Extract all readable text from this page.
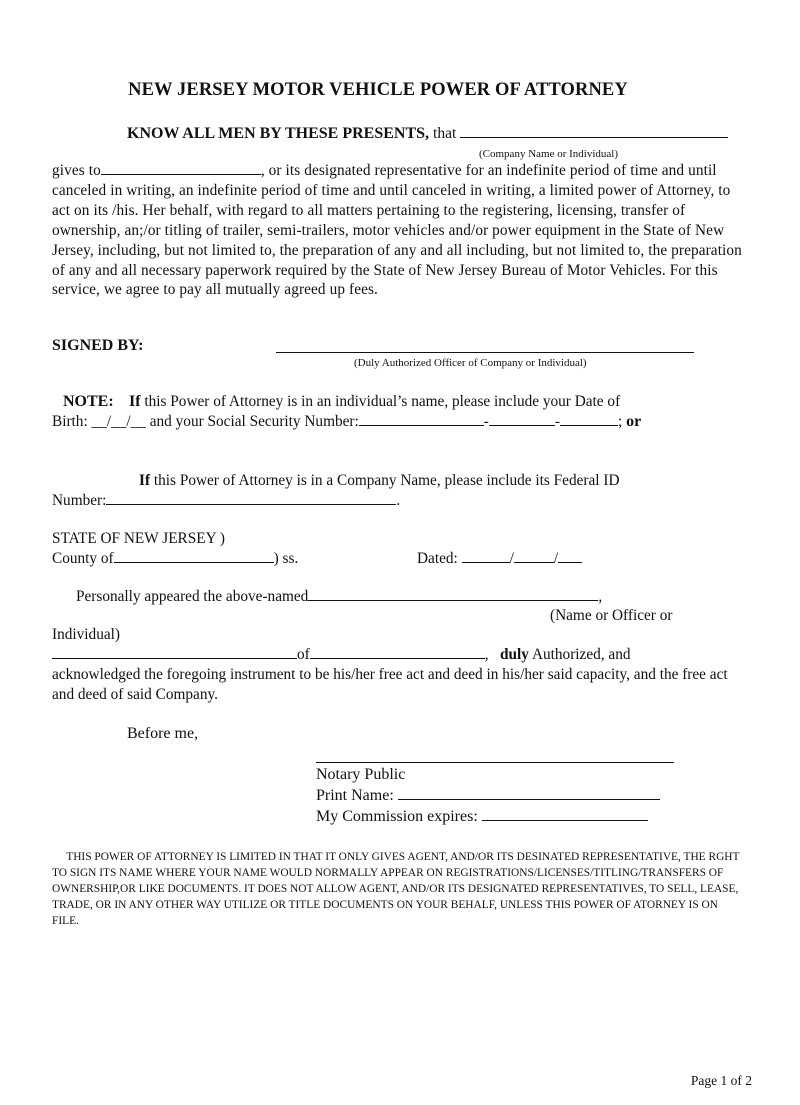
NEW JERSEY MOTOR VEHICLE POWER OF ATTORNEY
KNOW ALL MEN BY THESE PRESENTS, that
(Company Name or Individual)
gives to	, or its designated representative for an indefinite period of time and until canceled in writing, an indefinite period of time and until canceled in writing, a limited power of Attorney, to act on its /his. Her behalf, with regard to all matters pertaining to the registering, licensing, transfer of ownership, an;/or titling of trailer, semi-trailers, motor vehicles and/or power equipment in the State of New Jersey, including, but not limited to, the preparation of any and all including, but not limited to, the preparation of any and all necessary paperwork required by the State of New Jersey Bureau of Motor Vehicles. For this service, we agree to pay all mutually agreed up fees.
SIGNED BY:
(Duly Authorized Officer of Company or Individual)
NOTE: If this Power of Attorney is in an individual’s name, please include your Date of
Birth: __/__/__ and your Social Security Number:	-	-	; or
If this Power of Attorney is in a Company Name, please include its Federal ID
Number:	.
STATE OF NEW JERSEY )
County of	) ss.	Dated:	/	/
Personally appeared the above-named	,
(Name or Officer or
Individual)
of	,   duly Authorized, and
acknowledged the foregoing instrument to be his/her free act and deed in his/her said capacity, and the free act and deed of said Company.
Before me,
Notary Public
Print Name:
My Commission expires:
THIS POWER OF ATTORNEY IS LIMITED IN THAT IT ONLY GIVES AGENT, AND/OR ITS DESINATED REPRESENTATIVE, THE RGHT TO SIGN ITS NAME WHERE YOUR NAME WOULD NORMALLY APPEAR ON REGISTRATIONS/LICENSES/TITLING/TRANSFERS OF OWNERSHIP,OR LIKE DOCUMENTS. IT DOES NOT ALLOW AGENT, AND/OR ITS DESIGNATED REPRESENTATIVES, TO SELL, LEASE, TRADE, OR IN ANY OTHER WAY UTILIZE OR TITLE DOCUMENTS ON YOUR BEHALF, UNLESS THIS POWER OF ATORNEY IS ON FILE.
Page 1 of 2
